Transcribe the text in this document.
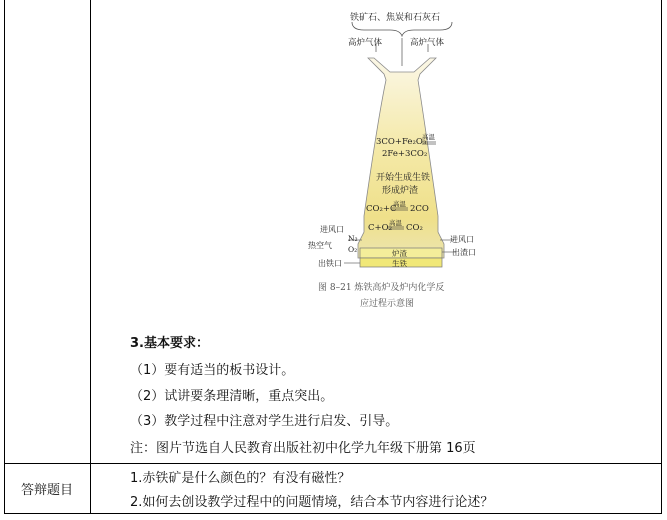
铁矿石、焦炭和石灰石
高炉气体	高炉气体
3CO+Fe₂O₃
高温
2Fe+3CO₂
开始生成生铁
形成炉渣
CO₂+C
高温 2CO
C+O₂
高温 CO₂
进风口
N₂
热空气 O₂
出铁口
进风口
出渣口
炉渣
生铁
图 8–21 炼铁高炉及炉内化学反
应过程示意图
3.基本要求：
（1）要有适当的板书设计。
（2）试讲要条理清晰，重点突出。
（3）教学过程中注意对学生进行启发、引导。
注：图片节选自人民教育出版社初中化学九年级下册第 16页
答辩题目
1.赤铁矿是什么颜色的？有没有磁性？
2.如何去创设教学过程中的问题情境，结合本节内容进行论述？
